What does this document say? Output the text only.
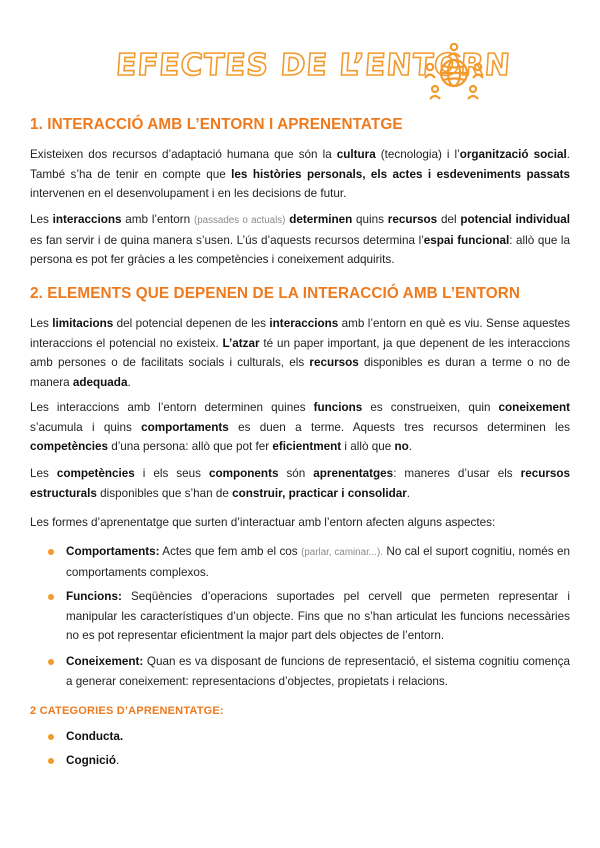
EFECTES DE L’ENTORN
1. INTERACCIÓ AMB L’ENTORN I APRENENTATGE

Existeixen dos recursos d’adaptació humana que són la cultura (tecnologia) i l’organització social. També s’ha de tenir en compte que les històries personals, els actes i esdeveniments passats intervenen en el desenvolupament i en les decisions de futur.

Les interaccions amb l’entorn (passades o actuals) determinen quins recursos del potencial individual es fan servir i de quina manera s’usen. L’ús d’aquests recursos determina l’espai funcional: allò que la persona es pot fer gràcies a les competències i coneixement adquirits.

2. ELEMENTS QUE DEPENEN DE LA INTERACCIÓ AMB L’ENTORN

Les limitacions del potencial depenen de les interaccions amb l’entorn en què es viu. Sense aquestes interaccions el potencial no existeix. L’atzar té un paper important, ja que depenent de les interaccions amb persones o de facilitats socials i culturals, els recursos disponibles es duran a terme o no de manera adequada.

Les interaccions amb l’entorn determinen quines funcions es construeixen, quin coneixement s’acumula i quins comportaments es duen a terme. Aquests tres recursos determinen les competències d’una persona: allò que pot fer eficientment i allò que no.

Les competències i els seus components són aprenentatges: maneres d’usar els recursos estructurals disponibles que s’han de construir, practicar i consolidar.

Les formes d’aprenentatge que surten d’interactuar amb l’entorn afecten alguns aspectes:

Comportaments: Actes que fem amb el cos (parlar, caminar...). No cal el suport cognitiu, només en comportaments complexos.

Funcions: Seqüències d’operacions suportades pel cervell que permeten representar i manipular les característiques d’un objecte. Fins que no s’han articulat les funcions necessàries no es pot representar eficientment la major part dels objectes de l’entorn.

Coneixement: Quan es va disposant de funcions de representació, el sistema cognitiu comença a generar coneixement: representacions d’objectes, propietats i relacions.

2 CATEGORIES D’APRENENTATGE:

Conducta.

Cognició.
